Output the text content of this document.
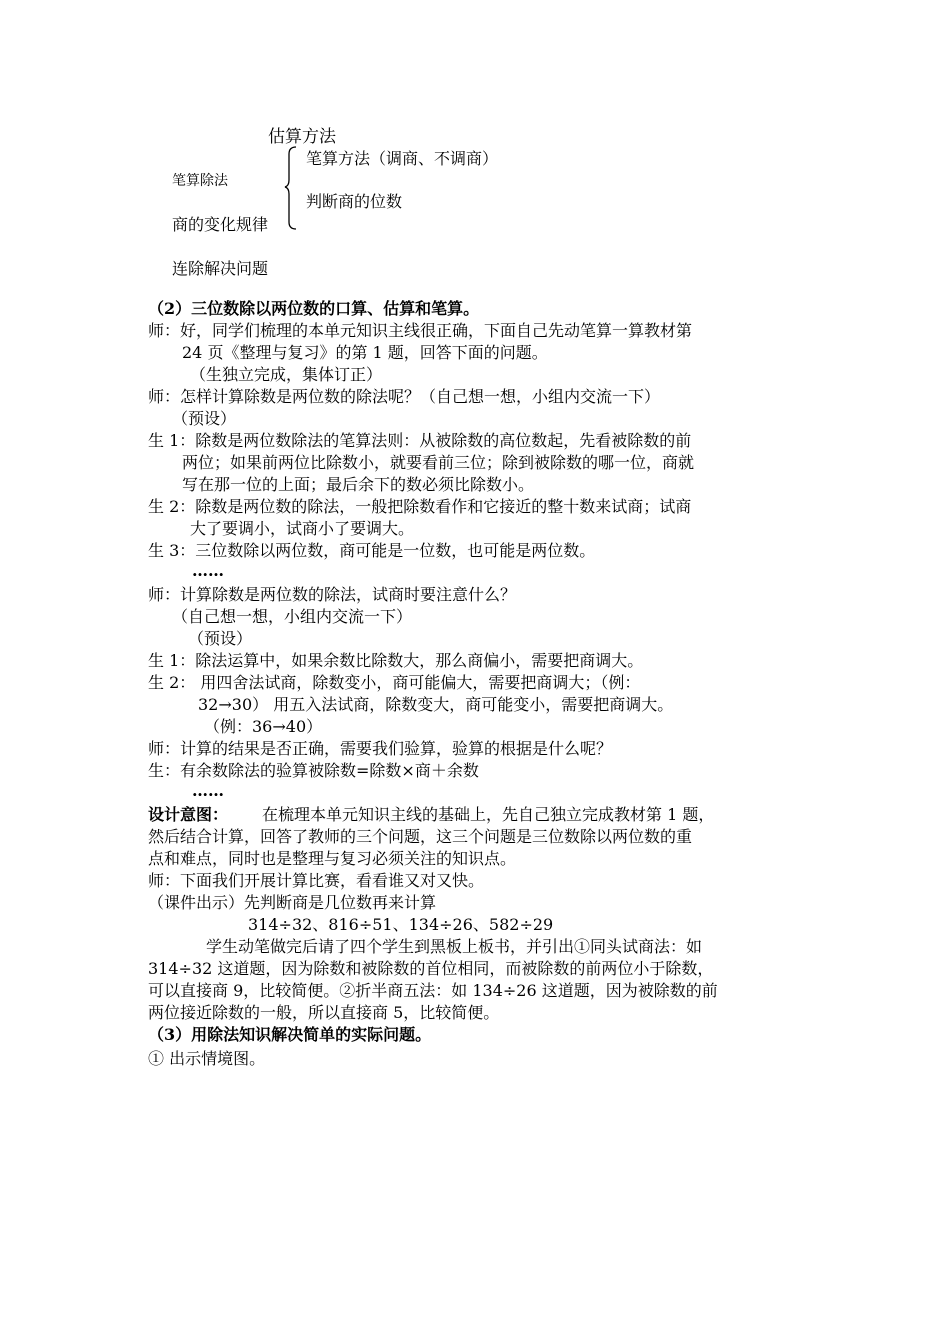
估算方法
笔算方法（调商、不调商）
笔算除法
判断商的位数
商的变化规律
连除解决问题
（2）三位数除以两位数的口算、估算和笔算。
师：好，同学们梳理的本单元知识主线很正确，下面自己先动笔算一算教材第
24 页《整理与复习》的第 1 题，回答下面的问题。
（生独立完成，集体订正）
师：怎样计算除数是两位数的除法呢？（自己想一想，小组内交流一下）
（预设）
生 1：除数是两位数除法的笔算法则：从被除数的高位数起，先看被除数的前
两位；如果前两位比除数小，就要看前三位；除到被除数的哪一位，商就
写在那一位的上面；最后余下的数必须比除数小。
生 2：除数是两位数的除法，一般把除数看作和它接近的整十数来试商；试商
大了要调小，试商小了要调大。
生 3：三位数除以两位数，商可能是一位数，也可能是两位数。
……
师：计算除数是两位数的除法，试商时要注意什么？
（自己想一想，小组内交流一下）
（预设）
生 1：除法运算中，如果余数比除数大，那么商偏小，需要把商调大。
生 2： 用四舍法试商，除数变小，商可能偏大，需要把商调大；（例：
32→30） 用五入法试商，除数变大，商可能变小，需要把商调大。
（例：36→40）
师：计算的结果是否正确，需要我们验算，验算的根据是什么呢？
生：有余数除法的验算被除数=除数×商＋余数
……
设计意图： 在梳理本单元知识主线的基础上，先自己独立完成教材第 1 题，
然后结合计算，回答了教师的三个问题，这三个问题是三位数除以两位数的重
点和难点，同时也是整理与复习必须关注的知识点。
师：下面我们开展计算比赛，看看谁又对又快。
（课件出示）先判断商是几位数再来计算
314÷32、816÷51、134÷26、582÷29
学生动笔做完后请了四个学生到黑板上板书，并引出①同头试商法：如
314÷32 这道题，因为除数和被除数的首位相同，而被除数的前两位小于除数，
可以直接商 9，比较简便。②折半商五法：如 134÷26 这道题，因为被除数的前
两位接近除数的一般，所以直接商 5，比较简便。
（3）用除法知识解决简单的实际问题。
① 出示情境图。
